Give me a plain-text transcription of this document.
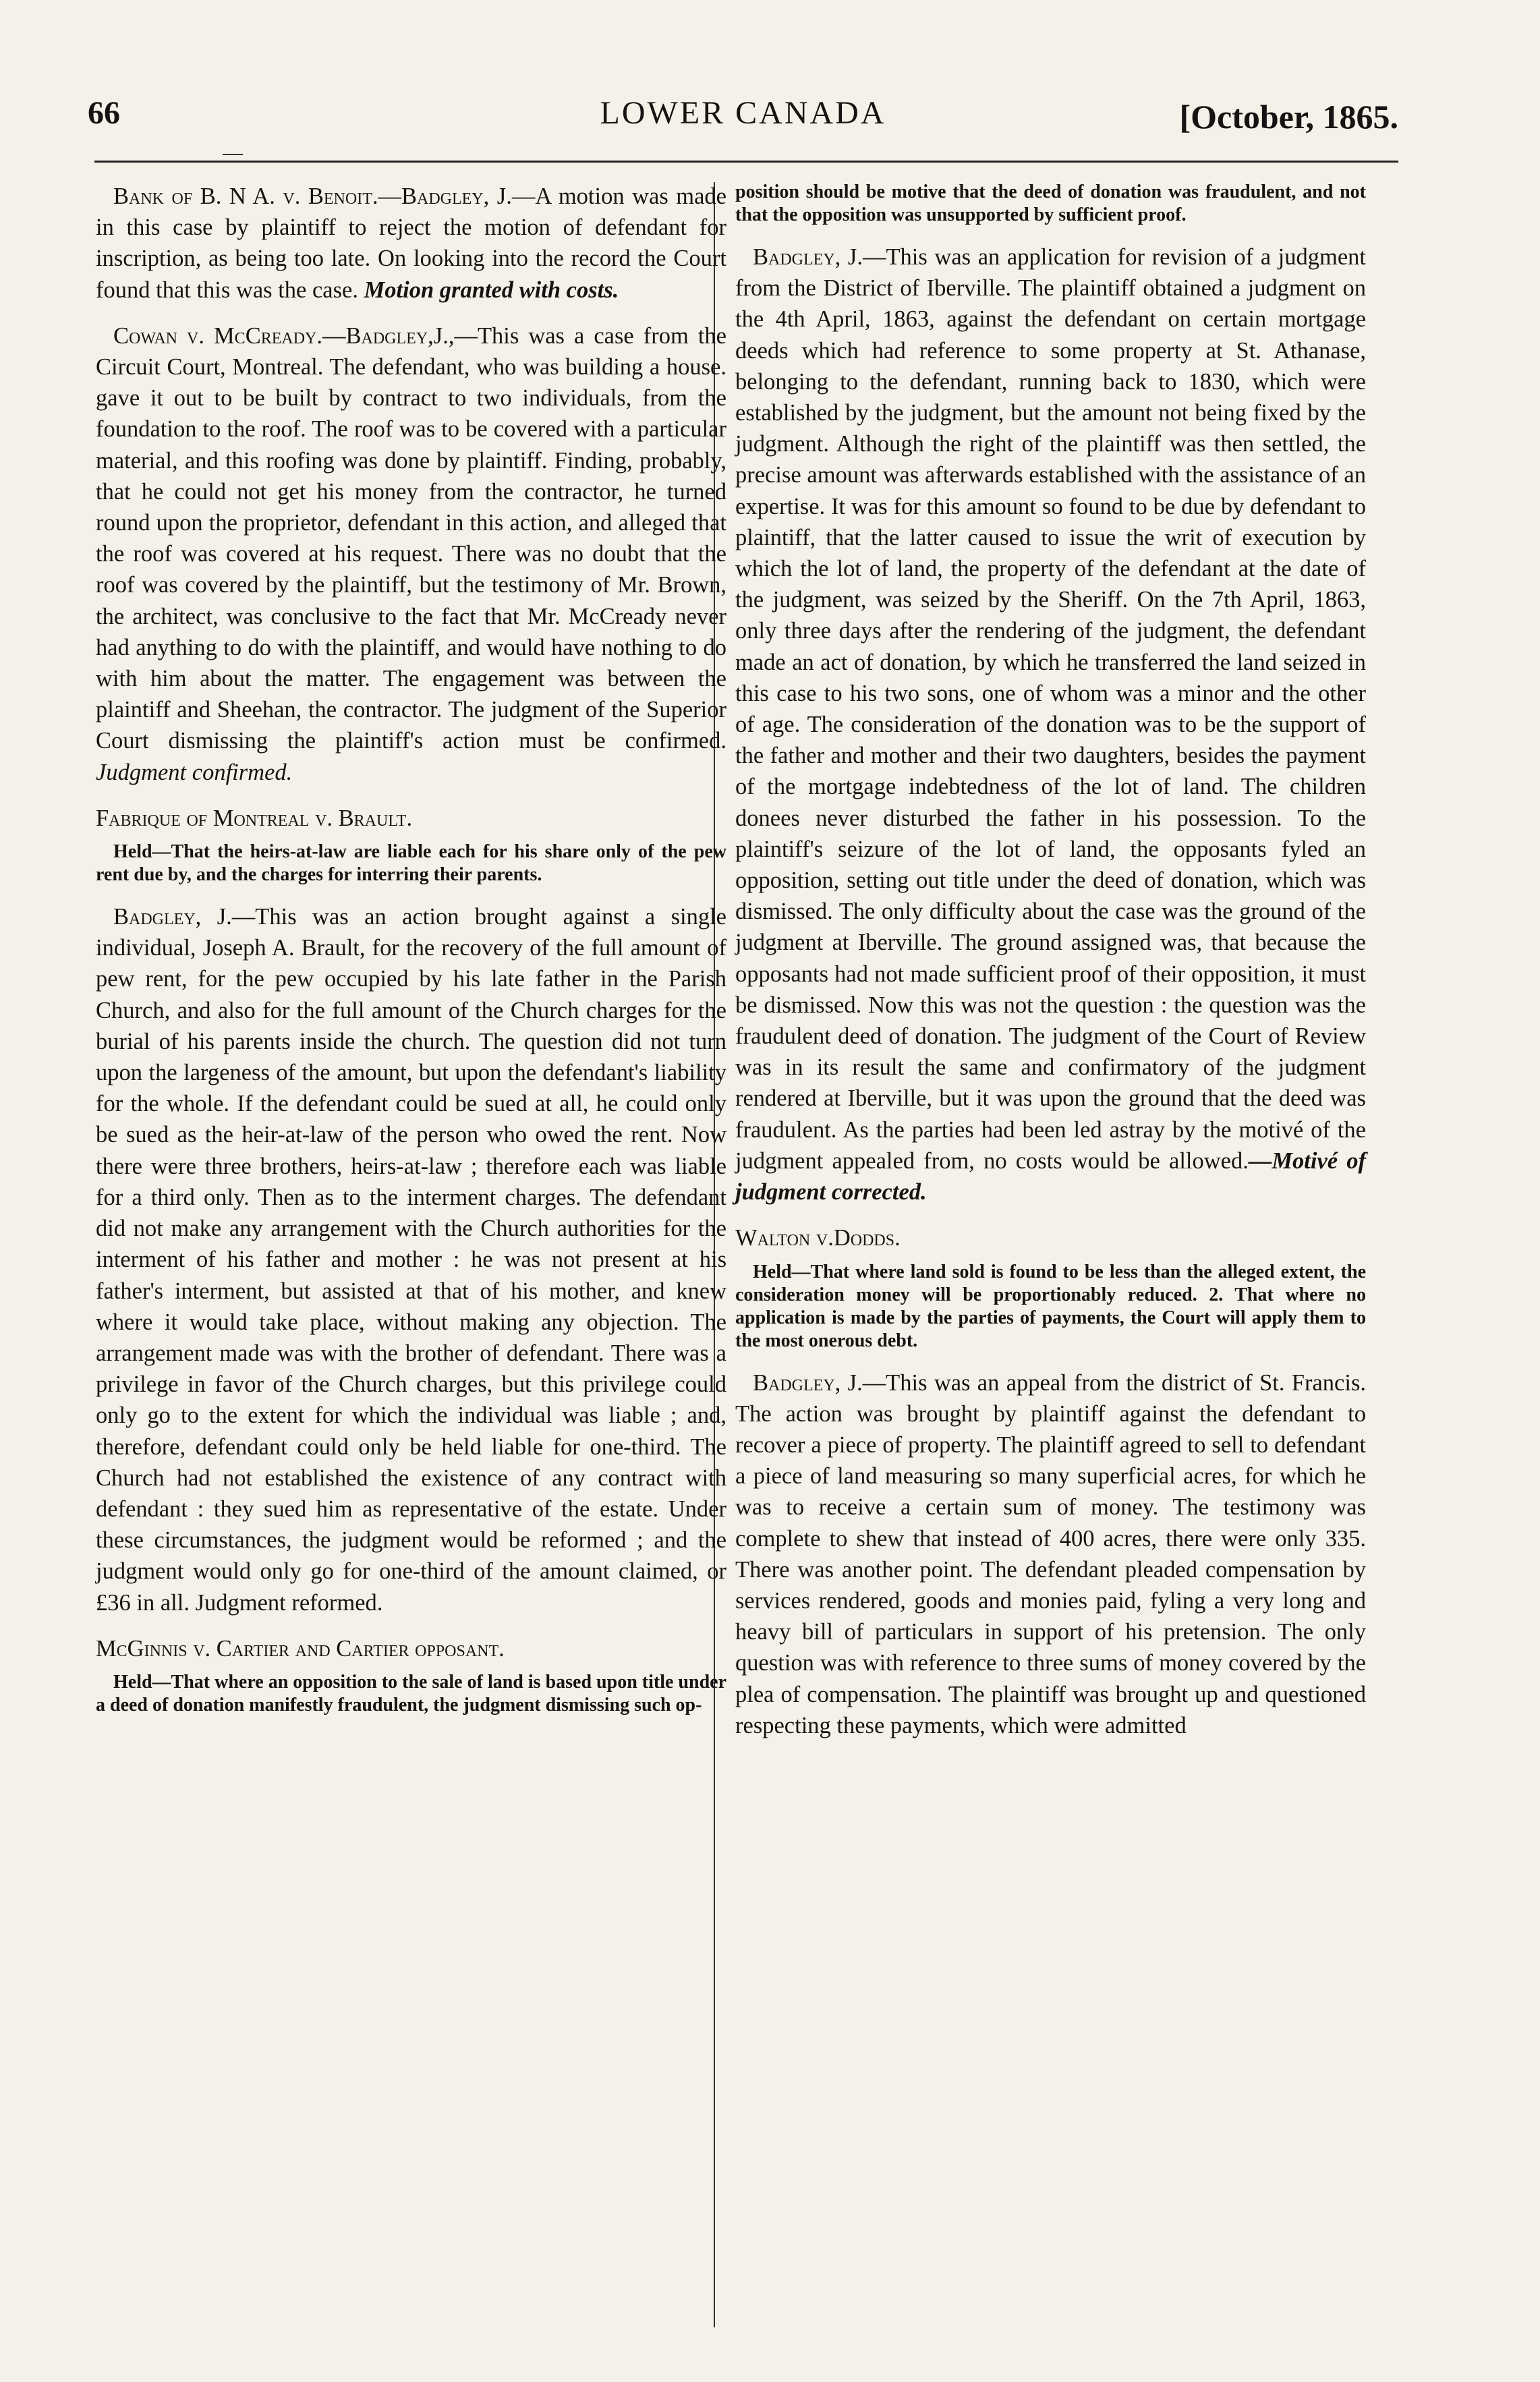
66	LOWER CANADA	[October, 1865.

Bank of B. N A. v. Benoit.—Badgley, J.—A motion was made in this case by plaintiff to reject the motion of defendant for inscription, as being too late. On looking into the record the Court found that this was the case. Motion granted with costs.

Cowan v. McCready.—Badgley,J.,—This was a case from the Circuit Court, Montreal. The defendant, who was building a house. gave it out to be built by contract to two individuals, from the foundation to the roof. The roof was to be covered with a particular material, and this roofing was done by plaintiff. Finding, probably, that he could not get his money from the contractor, he turned round upon the proprietor, defendant in this action, and alleged that the roof was covered at his request. There was no doubt that the roof was covered by the plaintiff, but the testimony of Mr. Brown, the architect, was conclusive to the fact that Mr. McCready never had anything to do with the plaintiff, and would have nothing to do with him about the matter. The engagement was between the plaintiff and Sheehan, the contractor. The judgment of the Superior Court dismissing the plaintiff's action must be confirmed. Judgment confirmed.

Fabrique of Montreal v. Brault.

Held—That the heirs-at-law are liable each for his share only of the pew rent due by, and the charges for interring their parents.

Badgley, J.—This was an action brought against a single individual, Joseph A. Brault, for the recovery of the full amount of pew rent, for the pew occupied by his late father in the Parish Church, and also for the full amount of the Church charges for the burial of his parents inside the church. The question did not turn upon the largeness of the amount, but upon the defendant's liability for the whole. If the defendant could be sued at all, he could only be sued as the heir-at-law of the person who owed the rent. Now there were three brothers, heirs-at-law ; therefore each was liable for a third only. Then as to the interment charges. The defendant did not make any arrangement with the Church authorities for the interment of his father and mother : he was not present at his father's interment, but assisted at that of his mother, and knew where it would take place, without making any objection. The arrangement made was with the brother of defendant. There was a privilege in favor of the Church charges, but this privilege could only go to the extent for which the individual was liable ; and, therefore, defendant could only be held liable for one-third. The Church had not established the existence of any contract with defendant : they sued him as representative of the estate. Under these circumstances, the judgment would be reformed ; and the judgment would only go for one-third of the amount claimed, or £36 in all. Judgment reformed.

McGinnis v. Cartier and Cartier opposant.

Held—That where an opposition to the sale of land is based upon title under a deed of donation manifestly fraudulent, the judgment dismissing such op-

position should be motive that the deed of donation was fraudulent, and not that the opposition was unsupported by sufficient proof.

Badgley, J.—This was an application for revision of a judgment from the District of Iberville. The plaintiff obtained a judgment on the 4th April, 1863, against the defendant on certain mortgage deeds which had reference to some property at St. Athanase, belonging to the defendant, running back to 1830, which were established by the judgment, but the amount not being fixed by the judgment. Although the right of the plaintiff was then settled, the precise amount was afterwards established with the assistance of an expertise. It was for this amount so found to be due by defendant to plaintiff, that the latter caused to issue the writ of execution by which the lot of land, the property of the defendant at the date of the judgment, was seized by the Sheriff. On the 7th April, 1863, only three days after the rendering of the judgment, the defendant made an act of donation, by which he transferred the land seized in this case to his two sons, one of whom was a minor and the other of age. The consideration of the donation was to be the support of the father and mother and their two daughters, besides the payment of the mortgage indebtedness of the lot of land. The children donees never disturbed the father in his possession. To the plaintiff's seizure of the lot of land, the opposants fyled an opposition, setting out title under the deed of donation, which was dismissed. The only difficulty about the case was the ground of the judgment at Iberville. The ground assigned was, that because the opposants had not made sufficient proof of their opposition, it must be dismissed. Now this was not the question : the question was the fraudulent deed of donation. The judgment of the Court of Review was in its result the same and confirmatory of the judgment rendered at Iberville, but it was upon the ground that the deed was fraudulent. As the parties had been led astray by the motivé of the judgment appealed from, no costs would be allowed.—Motivé of judgment corrected.

Walton v.Dodds.

Held—That where land sold is found to be less than the alleged extent, the consideration money will be proportionably reduced. 2. That where no application is made by the parties of payments, the Court will apply them to the most onerous debt.

Badgley, J.—This was an appeal from the district of St. Francis. The action was brought by plaintiff against the defendant to recover a piece of property. The plaintiff agreed to sell to defendant a piece of land measuring so many superficial acres, for which he was to receive a certain sum of money. The testimony was complete to shew that instead of 400 acres, there were only 335. There was another point. The defendant pleaded compensation by services rendered, goods and monies paid, fyling a very long and heavy bill of particulars in support of his pretension. The only question was with reference to three sums of money covered by the plea of compensation. The plaintiff was brought up and questioned respecting these payments, which were admitted
